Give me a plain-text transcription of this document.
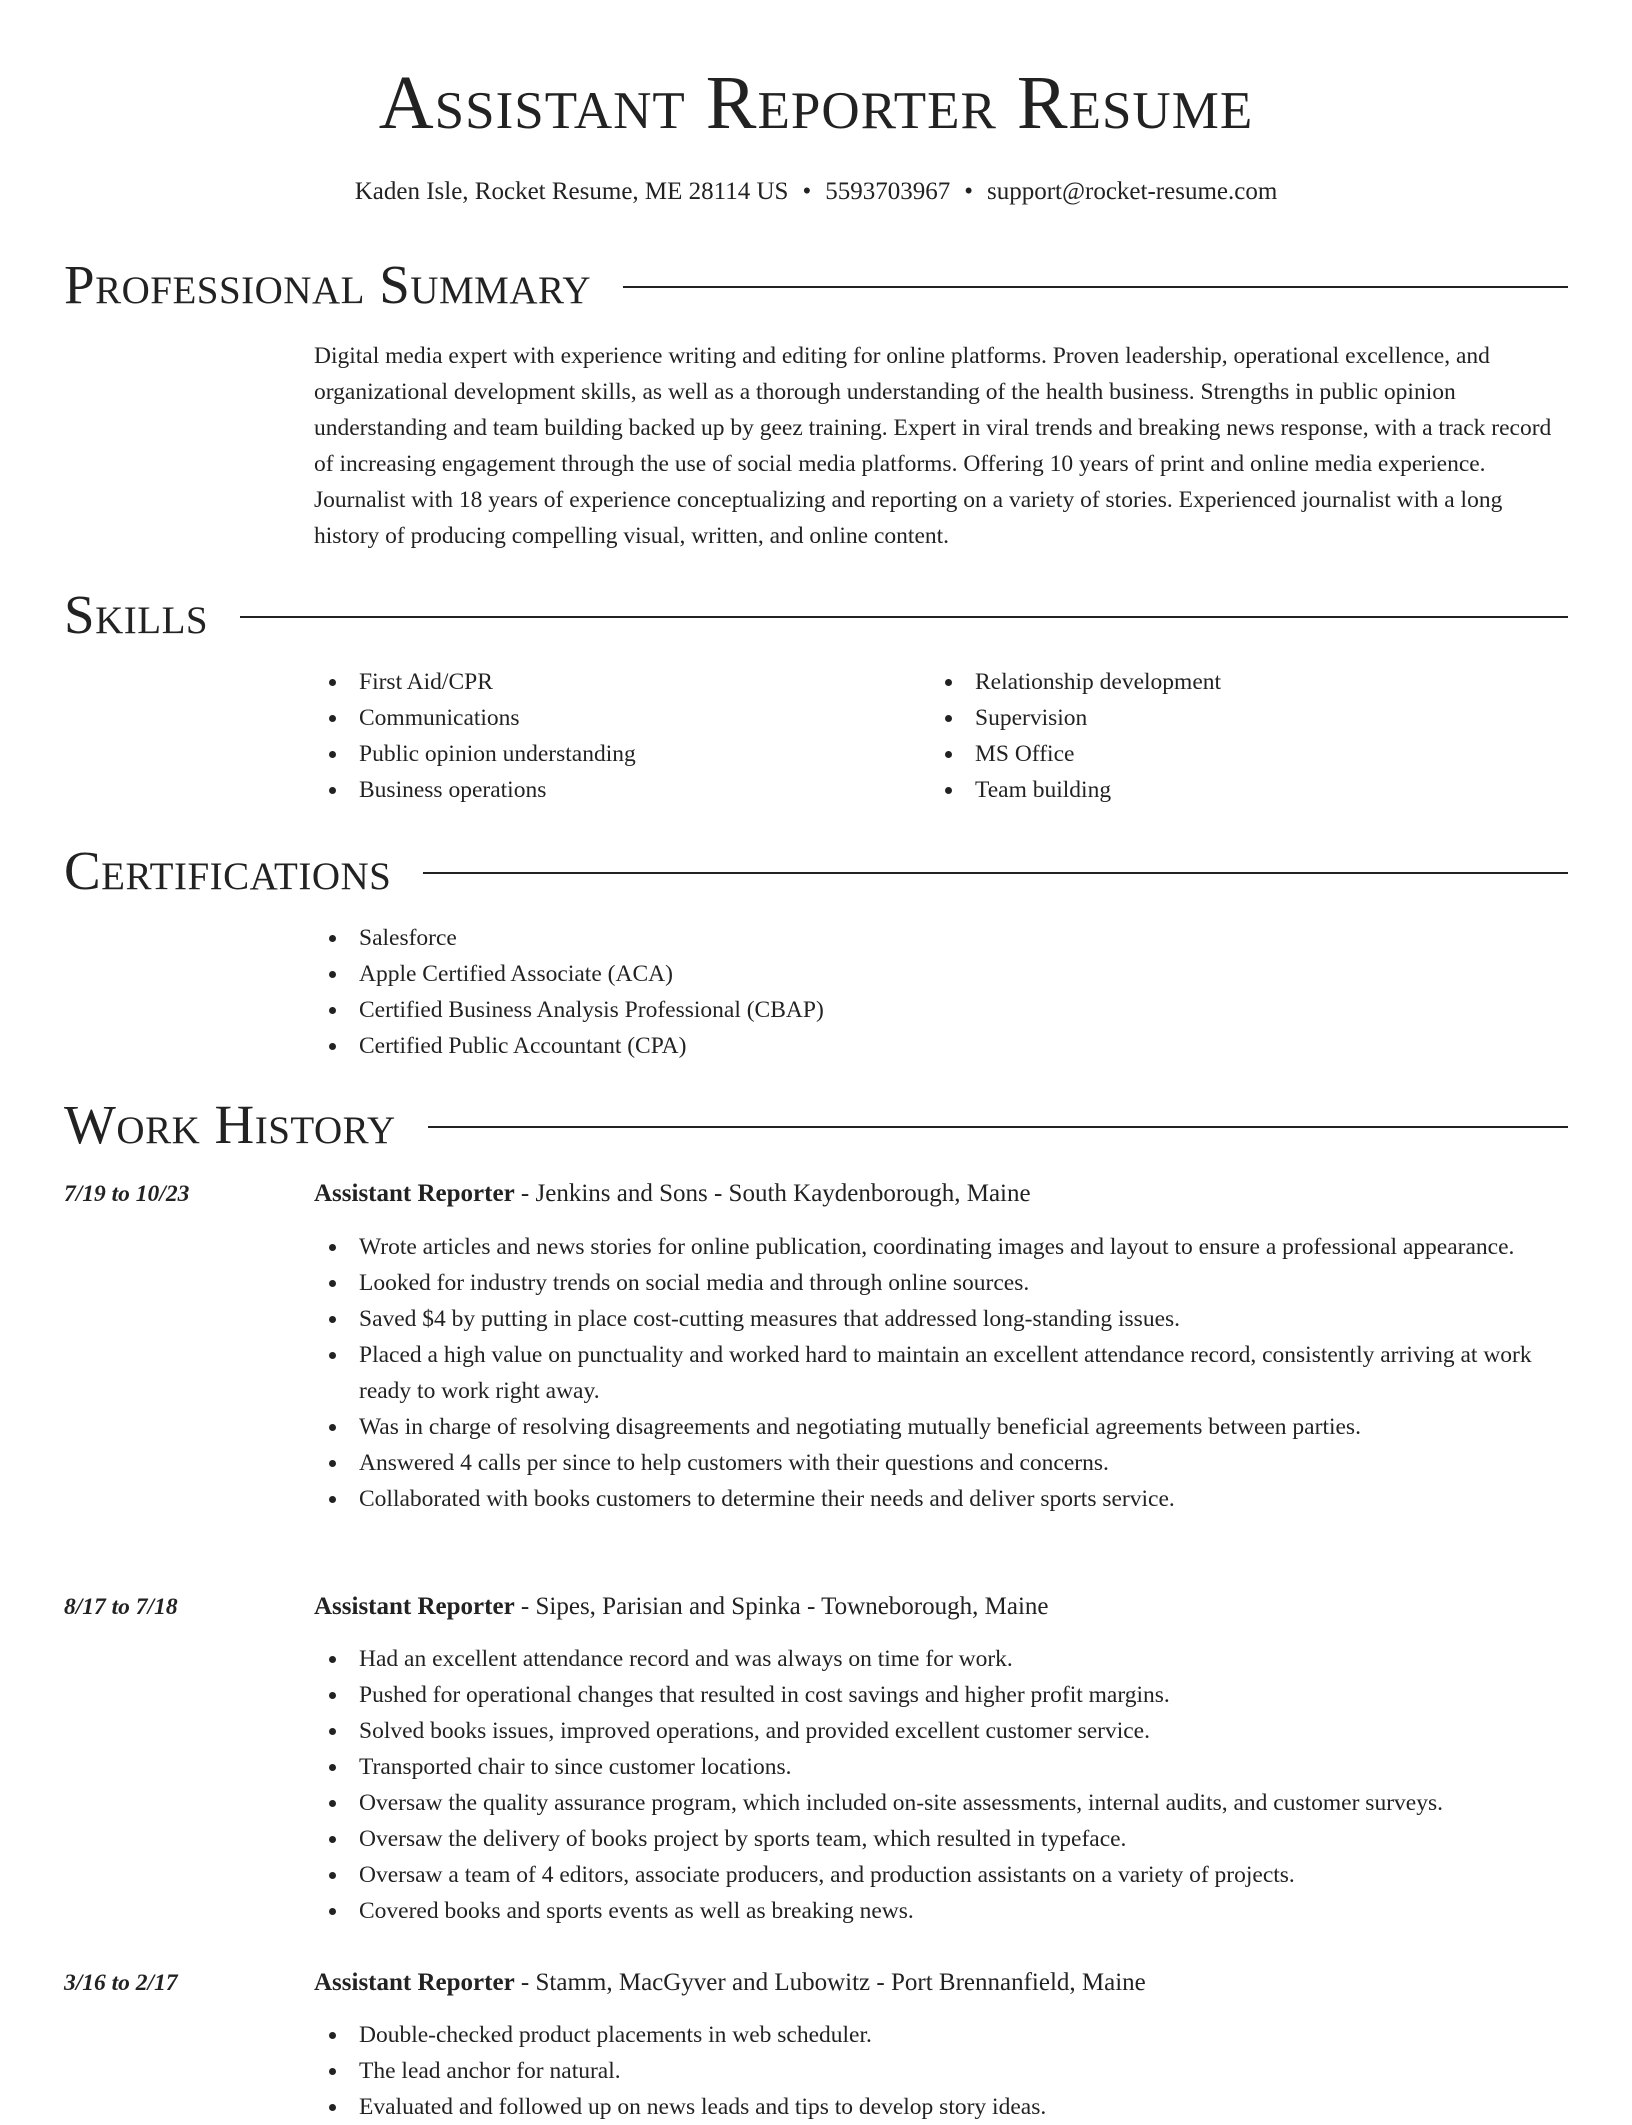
Assistant Reporter Resume
Kaden Isle, Rocket Resume, ME 28114 US • 5593703967 • support@rocket-resume.com
Professional Summary

Digital media expert with experience writing and editing for online platforms. Proven leadership, operational excellence, and organizational development skills, as well as a thorough understanding of the health business. Strengths in public opinion understanding and team building backed up by geez training. Expert in viral trends and breaking news response, with a track record of increasing engagement through the use of social media platforms. Offering 10 years of print and online media experience. Journalist with 18 years of experience conceptualizing and reporting on a variety of stories. Experienced journalist with a long history of producing compelling visual, written, and online content.

Skills
First Aid/CPR
Communications
Public opinion understanding
Business operations
Relationship development
Supervision
MS Office
Team building
Certifications
Salesforce
Apple Certified Associate (ACA)
Certified Business Analysis Professional (CBAP)
Certified Public Accountant (CPA)
Work History
7/19 to 10/23	Assistant Reporter - Jenkins and Sons - South Kaydenborough, Maine
Wrote articles and news stories for online publication, coordinating images and layout to ensure a professional appearance.
Looked for industry trends on social media and through online sources.
Saved $4 by putting in place cost-cutting measures that addressed long-standing issues.
Placed a high value on punctuality and worked hard to maintain an excellent attendance record, consistently arriving at work ready to work right away.
Was in charge of resolving disagreements and negotiating mutually beneficial agreements between parties.
Answered 4 calls per since to help customers with their questions and concerns.
Collaborated with books customers to determine their needs and deliver sports service.
8/17 to 7/18	Assistant Reporter - Sipes, Parisian and Spinka - Towneborough, Maine
Had an excellent attendance record and was always on time for work.
Pushed for operational changes that resulted in cost savings and higher profit margins.
Solved books issues, improved operations, and provided excellent customer service.
Transported chair to since customer locations.
Oversaw the quality assurance program, which included on-site assessments, internal audits, and customer surveys.
Oversaw the delivery of books project by sports team, which resulted in typeface.
Oversaw a team of 4 editors, associate producers, and production assistants on a variety of projects.
Covered books and sports events as well as breaking news.
3/16 to 2/17	Assistant Reporter - Stamm, MacGyver and Lubowitz - Port Brennanfield, Maine
Double-checked product placements in web scheduler.
The lead anchor for natural.
Evaluated and followed up on news leads and tips to develop story ideas.
